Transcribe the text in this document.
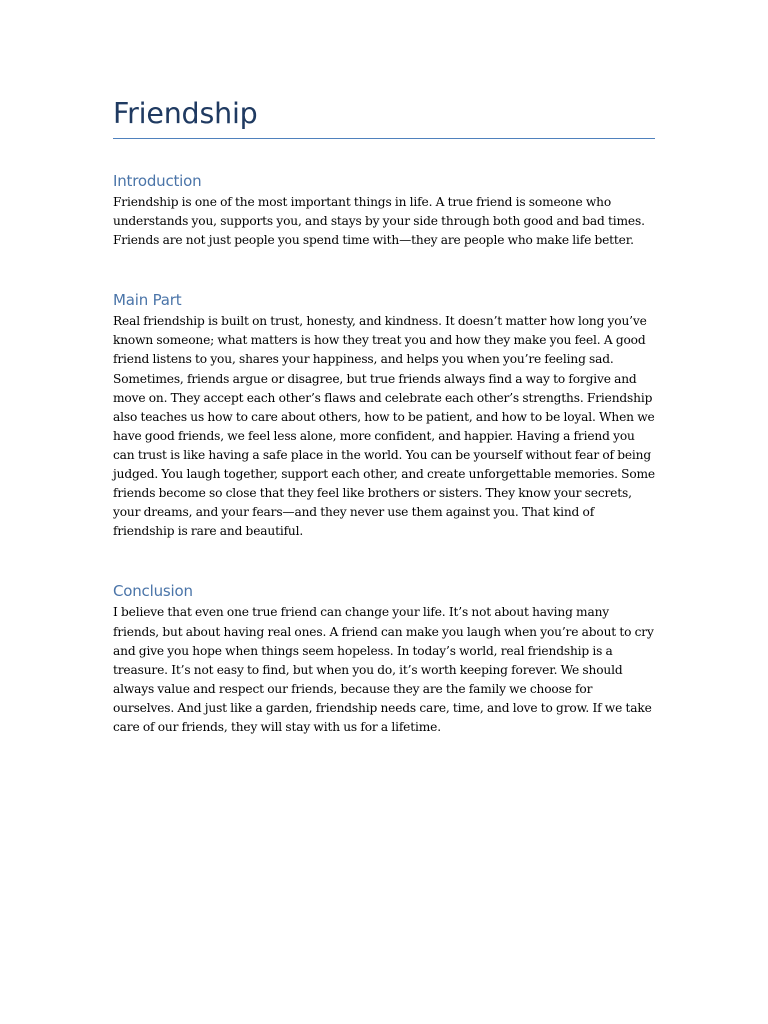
Friendship
Introduction

Friendship is one of the most important things in life. A true friend is someone who understands you, supports you, and stays by your side through both good and bad times. Friends are not just people you spend time with—they are people who make life better.

Main Part

Real friendship is built on trust, honesty, and kindness. It doesn’t matter how long you’ve known someone; what matters is how they treat you and how they make you feel. A good friend listens to you, shares your happiness, and helps you when you’re feeling sad. Sometimes, friends argue or disagree, but true friends always find a way to forgive and move on. They accept each other’s flaws and celebrate each other’s strengths. Friendship also teaches us how to care about others, how to be patient, and how to be loyal. When we have good friends, we feel less alone, more confident, and happier. Having a friend you can trust is like having a safe place in the world. You can be yourself without fear of being judged. You laugh together, support each other, and create unforgettable memories. Some friends become so close that they feel like brothers or sisters. They know your secrets, your dreams, and your fears—and they never use them against you. That kind of friendship is rare and beautiful.

Conclusion

I believe that even one true friend can change your life. It’s not about having many friends, but about having real ones. A friend can make you laugh when you’re about to cry and give you hope when things seem hopeless. In today’s world, real friendship is a treasure. It’s not easy to find, but when you do, it’s worth keeping forever. We should always value and respect our friends, because they are the family we choose for ourselves. And just like a garden, friendship needs care, time, and love to grow. If we take care of our friends, they will stay with us for a lifetime.
